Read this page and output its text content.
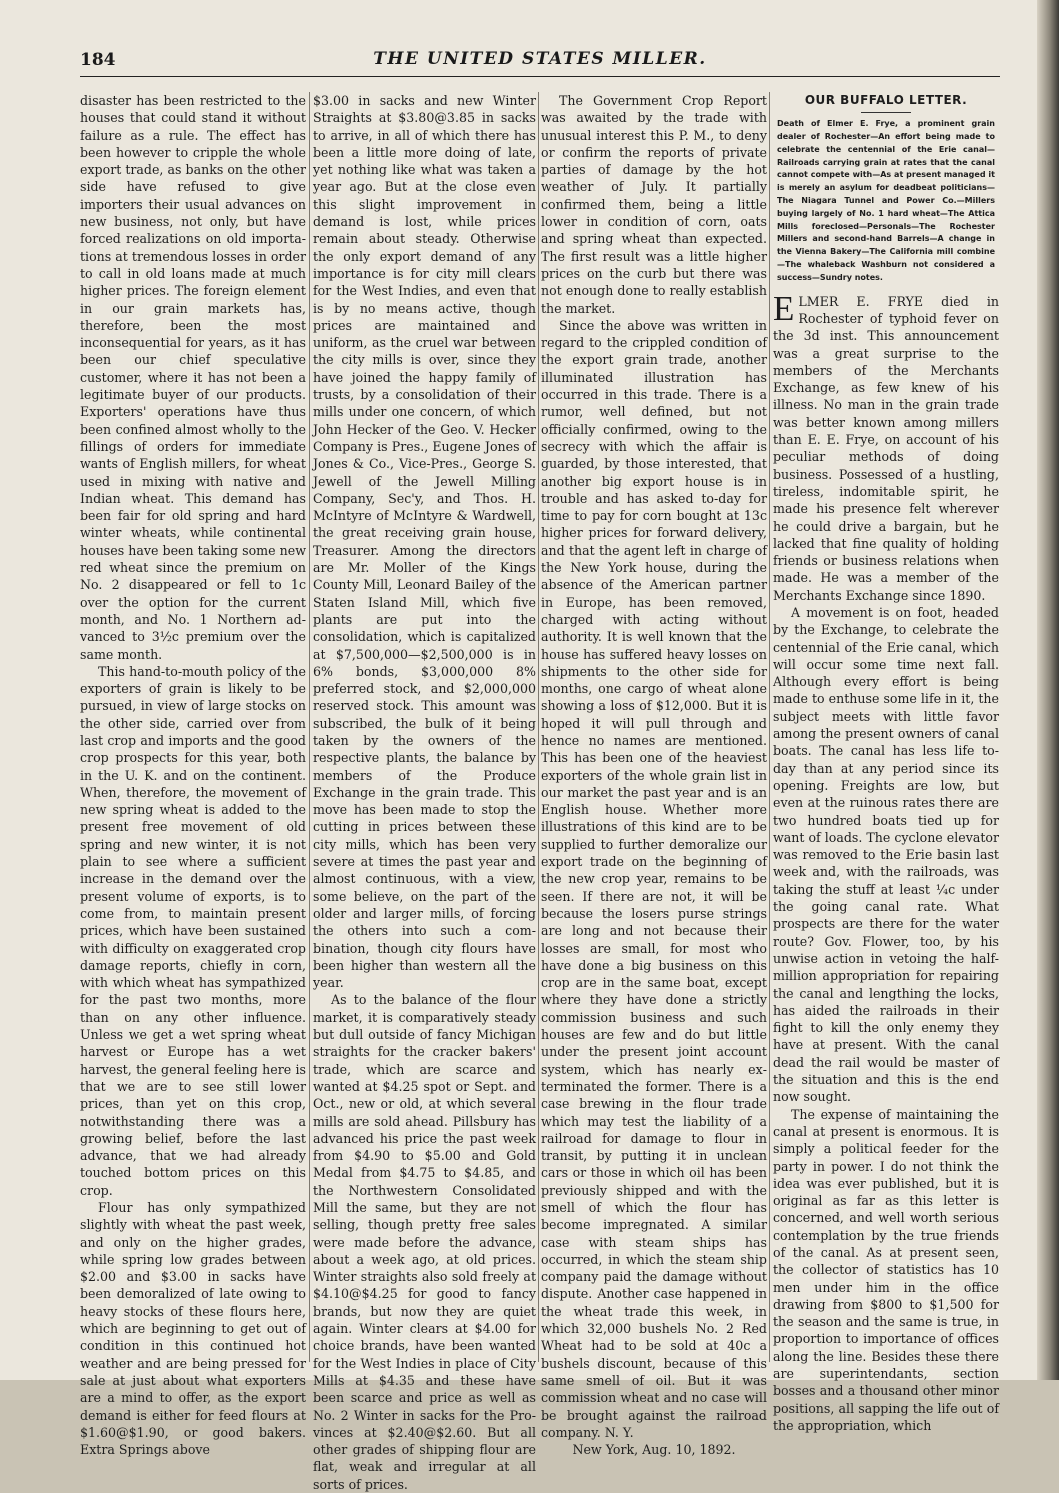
184	THE UNITED STATES MILLER.

disaster has been restricted to the houses that could stand it without failure as a rule. The effect has been however to cripple the whole export trade, as banks on the other side have refused to give importers their usual advances on new business, not only, but have forced realizations on old importations at tremendous losses in order to call in old loans made at much higher prices. The foreign element in our grain markets has, therefore, been the most inconsequential for years, as it has been our chief speculative customer, where it has not been a legitimate buyer of our products. Exporters' operations have thus been confined almost wholly to the fillings of orders for immediate wants of English millers, for wheat used in mixing with native and Indian wheat. This demand has been fair for old spring and hard winter wheats, while continental houses have been taking some new red wheat since the premium on No. 2 disappeared or fell to 1c over the option for the current month, and No. 1 Northern advanced to 3½c premium over the same month.

This hand-to-mouth policy of the exporters of grain is likely to be pursued, in view of large stocks on the other side, carried over from last crop and imports and the good crop prospects for this year, both in the U. K. and on the continent. When, therefore, the movement of new spring wheat is added to the present free movement of old spring and new winter, it is not plain to see where a sufficient increase in the demand over the present volume of exports, is to come from, to maintain present prices, which have been sustained with difficulty on exaggerated crop damage reports, chiefly in corn, with which wheat has sympathized for the past two months, more than on any other influence. Unless we get a wet spring wheat harvest or Europe has a wet harvest, the general feeling here is that we are to see still lower prices, than yet on this crop, notwithstanding there was a growing belief, before the last advance, that we had already touched bottom prices on this crop.

Flour has only sympathized slightly with wheat the past week, and only on the higher grades, while spring low grades between $2.00 and $3.00 in sacks have been demoralized of late owing to heavy stocks of these flours here, which are beginning to get out of condition in this continued hot weather and are being pressed for sale at just about what exporters are a mind to offer, as the export demand is either for feed flours at $1.60@$1.90, or good bakers. Extra Springs above

$3.00 in sacks and new Winter Straights at $3.80@3.85 in sacks to arrive, in all of which there has been a little more doing of late, yet nothing like what was taken a year ago. But at the close even this slight improvement in demand is lost, while prices remain about steady. Otherwise the only export demand of any importance is for city mill clears for the West Indies, and even that is by no means active, though prices are maintained and uniform, as the cruel war between the city mills is over, since they have joined the happy family of trusts, by a consolidation of their mills under one concern, of which John Hecker of the Geo. V. Hecker Company is Pres., Eugene Jones of Jones & Co., Vice-Pres., George S. Jewell of the Jewell Milling Company, Sec'y, and Thos. H. McIntyre of McIntyre & Wardwell, the great receiving grain house, Treasurer. Among the directors are Mr. Moller of the Kings County Mill, Leonard Bailey of the Staten Island Mill, which five plants are put into the consolidation, which is capitalized at $7,500,000—$2,500,000 is in 6% bonds, $3,000,000 8% preferred stock, and $2,000,000 reserved stock. This amount was subscribed, the bulk of it being taken by the owners of the respective plants, the balance by members of the Produce Exchange in the grain trade. This move has been made to stop the cutting in prices between these city mills, which has been very severe at times the past year and almost continuous, with a view, some believe, on the part of the older and larger mills, of forcing the others into such a combination, though city flours have been higher than western all the year.

As to the balance of the flour market, it is comparatively steady but dull outside of fancy Michigan straights for the cracker bakers' trade, which are scarce and wanted at $4.25 spot or Sept. and Oct., new or old, at which several mills are sold ahead. Pillsbury has advanced his price the past week from $4.90 to $5.00 and Gold Medal from $4.75 to $4.85, and the Northwestern Consolidated Mill the same, but they are not selling, though pretty free sales were made before the advance, about a week ago, at old prices. Winter straights also sold freely at $4.10@$4.25 for good to fancy brands, but now they are quiet again. Winter clears at $4.00 for choice brands, have been wanted for the West Indies in place of City Mills at $4.35 and these have been scarce and price as well as No. 2 Winter in sacks for the Provinces at $2.40@$2.60. But all other grades of shipping flour are flat, weak and irregular at all sorts of prices.

The Government Crop Report was awaited by the trade with unusual interest this P. M., to deny or confirm the reports of private parties of damage by the hot weather of July. It partially confirmed them, being a little lower in condition of corn, oats and spring wheat than expected. The first result was a little higher prices on the curb but there was not enough done to really establish the market.

Since the above was written in regard to the crippled condition of the export grain trade, another illuminated illustration has occurred in this trade. There is a rumor, well defined, but not officially confirmed, owing to the secrecy with which the affair is guarded, by those interested, that another big export house is in trouble and has asked to-day for time to pay for corn bought at 13c higher prices for forward delivery, and that the agent left in charge of the New York house, during the absence of the American partner in Europe, has been removed, charged with acting without authority. It is well known that the house has suffered heavy losses on shipments to the other side for months, one cargo of wheat alone showing a loss of $12,000. But it is hoped it will pull through and hence no names are mentioned. This has been one of the heaviest exporters of the whole grain list in our market the past year and is an English house. Whether more illustrations of this kind are to be supplied to further demoralize our export trade on the beginning of the new crop year, remains to be seen. If there are not, it will be because the losers purse strings are long and not because their losses are small, for most who have done a big business on this crop are in the same boat, except where they have done a strictly commission business and such houses are few and do but little under the present joint account system, which has nearly exterminated the former. There is a case brewing in the flour trade which may test the liability of a railroad for damage to flour in transit, by putting it in unclean cars or those in which oil has been previously shipped and with the smell of which the flour has become impregnated. A similar case with steam ships has occurred, in which the steam ship company paid the damage without dispute. Another case happened in the wheat trade this week, in which 32,000 bushels No. 2 Red Wheat had to be sold at 40c a bushels discount, because of this same smell of oil. But it was commission wheat and no case will be brought against the railroad company. N. Y.

New York, Aug. 10, 1892.

OUR BUFFALO LETTER.
Death of Elmer E. Frye, a prominent grain dealer of Rochester—An effort being made to celebrate the centennial of the Erie canal—Railroads carrying grain at rates that the canal cannot compete with—As at present managed it is merely an asylum for deadbeat politicians—The Niagara Tunnel and Power Co.—Millers buying largely of No. 1 hard wheat—The Attica Mills foreclosed—Personals—The Rochester Millers and second-hand Barrels—A change in the Vienna Bakery—The California mill combine—The whaleback Washburn not considered a success—Sundry notes.

ELMER E. FRYE died in Rochester of typhoid fever on the 3d inst. This announcement was a great surprise to the members of the Merchants Exchange, as few knew of his illness. No man in the grain trade was better known among millers than E. E. Frye, on account of his peculiar methods of doing business. Possessed of a hustling, tireless, indomitable spirit, he made his presence felt wherever he could drive a bargain, but he lacked that fine quality of holding friends or business relations when made. He was a member of the Merchants Exchange since 1890.

A movement is on foot, headed by the Exchange, to celebrate the centennial of the Erie canal, which will occur some time next fall. Although every effort is being made to enthuse some life in it, the subject meets with little favor among the present owners of canal boats. The canal has less life to-day than at any period since its opening. Freights are low, but even at the ruinous rates there are two hundred boats tied up for want of loads. The cyclone elevator was removed to the Erie basin last week and, with the railroads, was taking the stuff at least ¼c under the going canal rate. What prospects are there for the water route? Gov. Flower, too, by his unwise action in vetoing the half-million appropriation for repairing the canal and lengthing the locks, has aided the railroads in their fight to kill the only enemy they have at present. With the canal dead the rail would be master of the situation and this is the end now sought.

The expense of maintaining the canal at present is enormous. It is simply a political feeder for the party in power. I do not think the idea was ever published, but it is original as far as this letter is concerned, and well worth serious contemplation by the true friends of the canal. As at present seen, the collector of statistics has 10 men under him in the office drawing from $800 to $1,500 for the season and the same is true, in proportion to importance of offices along the line. Besides these there are superintendants, section bosses and a thousand other minor positions, all sapping the life out of the appropriation, which
